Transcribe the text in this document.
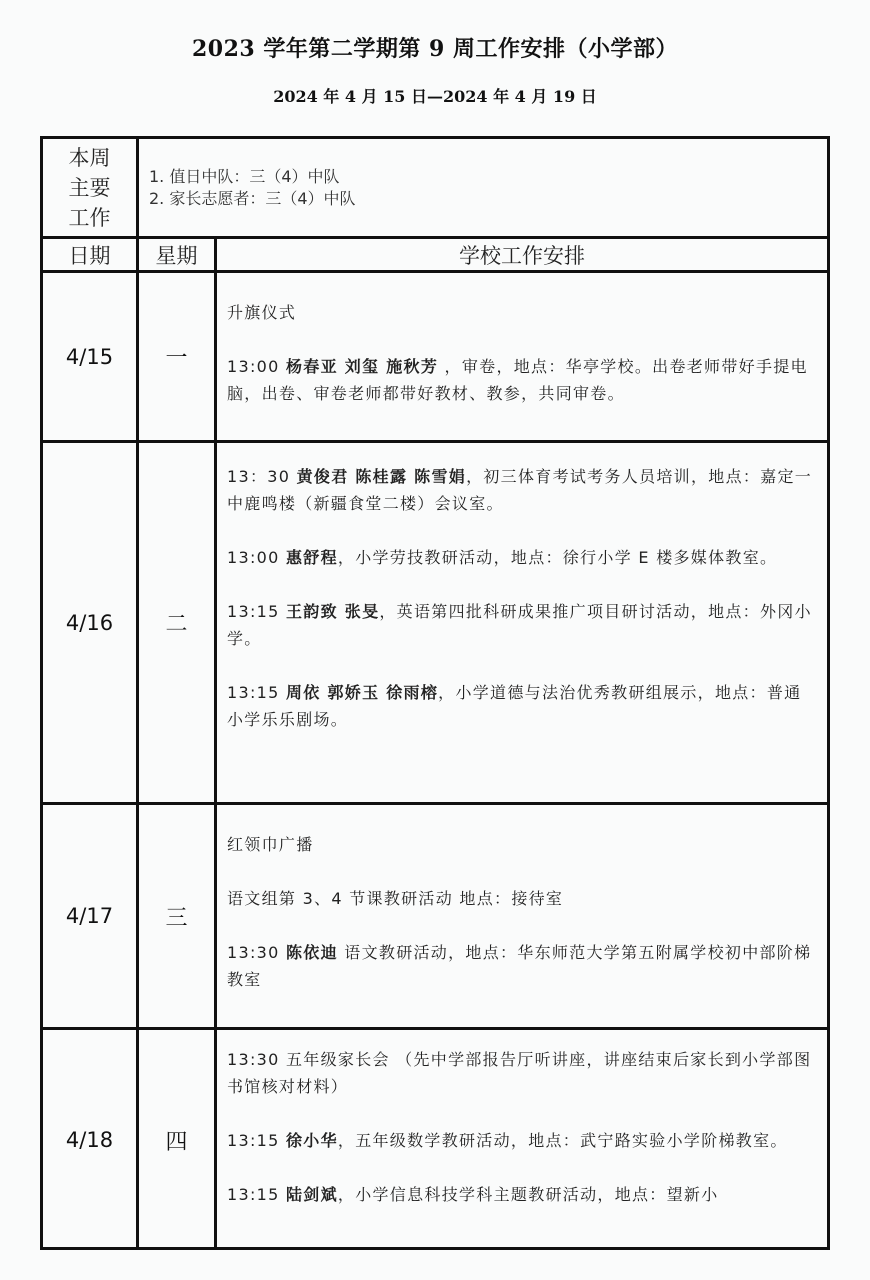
2023 学年第二学期第 9 周工作安排（小学部）
2024 年 4 月 15 日—2024 年 4 月 19 日
本周
主要
工作
1. 值日中队：三（4）中队
2. 家长志愿者：三（4）中队
日期	星期	学校工作安排
4/15	一

升旗仪式

13:00 杨春亚 刘玺 施秋芳 ，审卷，地点：华亭学校。出卷老师带好手提电脑，出卷、审卷老师都带好教材、教参，共同审卷。

4/16	二

13：30 黄俊君 陈桂露 陈雪娟，初三体育考试考务人员培训，地点：嘉定一中鹿鸣楼（新疆食堂二楼）会议室。

13:00 惠舒程，小学劳技教研活动，地点：徐行小学 E 楼多媒体教室。

13:15 王韵致 张旻，英语第四批科研成果推广项目研讨活动，地点：外冈小学。

13:15 周依 郭娇玉 徐雨榕，小学道德与法治优秀教研组展示，地点：普通小学乐乐剧场。

4/17	三

红领巾广播

语文组第 3、4 节课教研活动 地点：接待室

13:30 陈依迪 语文教研活动，地点：华东师范大学第五附属学校初中部阶梯教室

4/18	四

13:30 五年级家长会 （先中学部报告厅听讲座，讲座结束后家长到小学部图书馆核对材料）

13:15 徐小华，五年级数学教研活动，地点：武宁路实验小学阶梯教室。

13:15 陆剑斌，小学信息科技学科主题教研活动，地点：望新小
